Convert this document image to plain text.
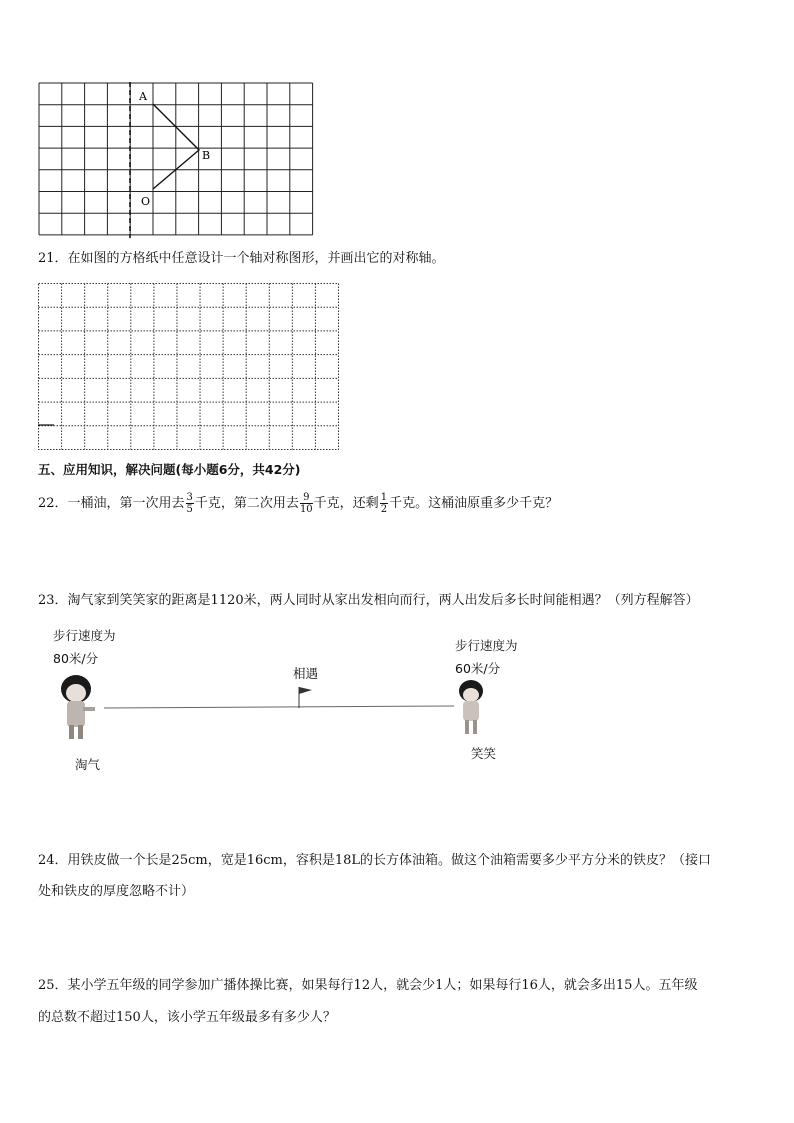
A
B
O
21．在如图的方格纸中任意设计一个轴对称图形，并画出它的对称轴。
五、应用知识，解决问题(每小题6分，共42分)
22．一桶油，第一次用去 $\frac{3}{5}$ 千克，第二次用去 $\frac{9}{10}$ 千克，还剩 $\frac{1}{2}$ 千克。这桶油原重多少千克？
23．淘气家到笑笑家的距离是1120米，两人同时从家出发相向而行，两人出发后多长时间能相遇？（列方程解答）
步行速度为
80米/分
步行速度为
60米/分
相遇
淘气
笑笑
24．用铁皮做一个长是25cm，宽是16cm，容积是18L的长方体油箱。做这个油箱需要多少平方分米的铁皮？（接口
处和铁皮的厚度忽略不计）
25．某小学五年级的同学参加广播体操比赛，如果每行12人，就会少1人；如果每行16人，就会多出15人。五年级
的总数不超过150人，该小学五年级最多有多少人？
